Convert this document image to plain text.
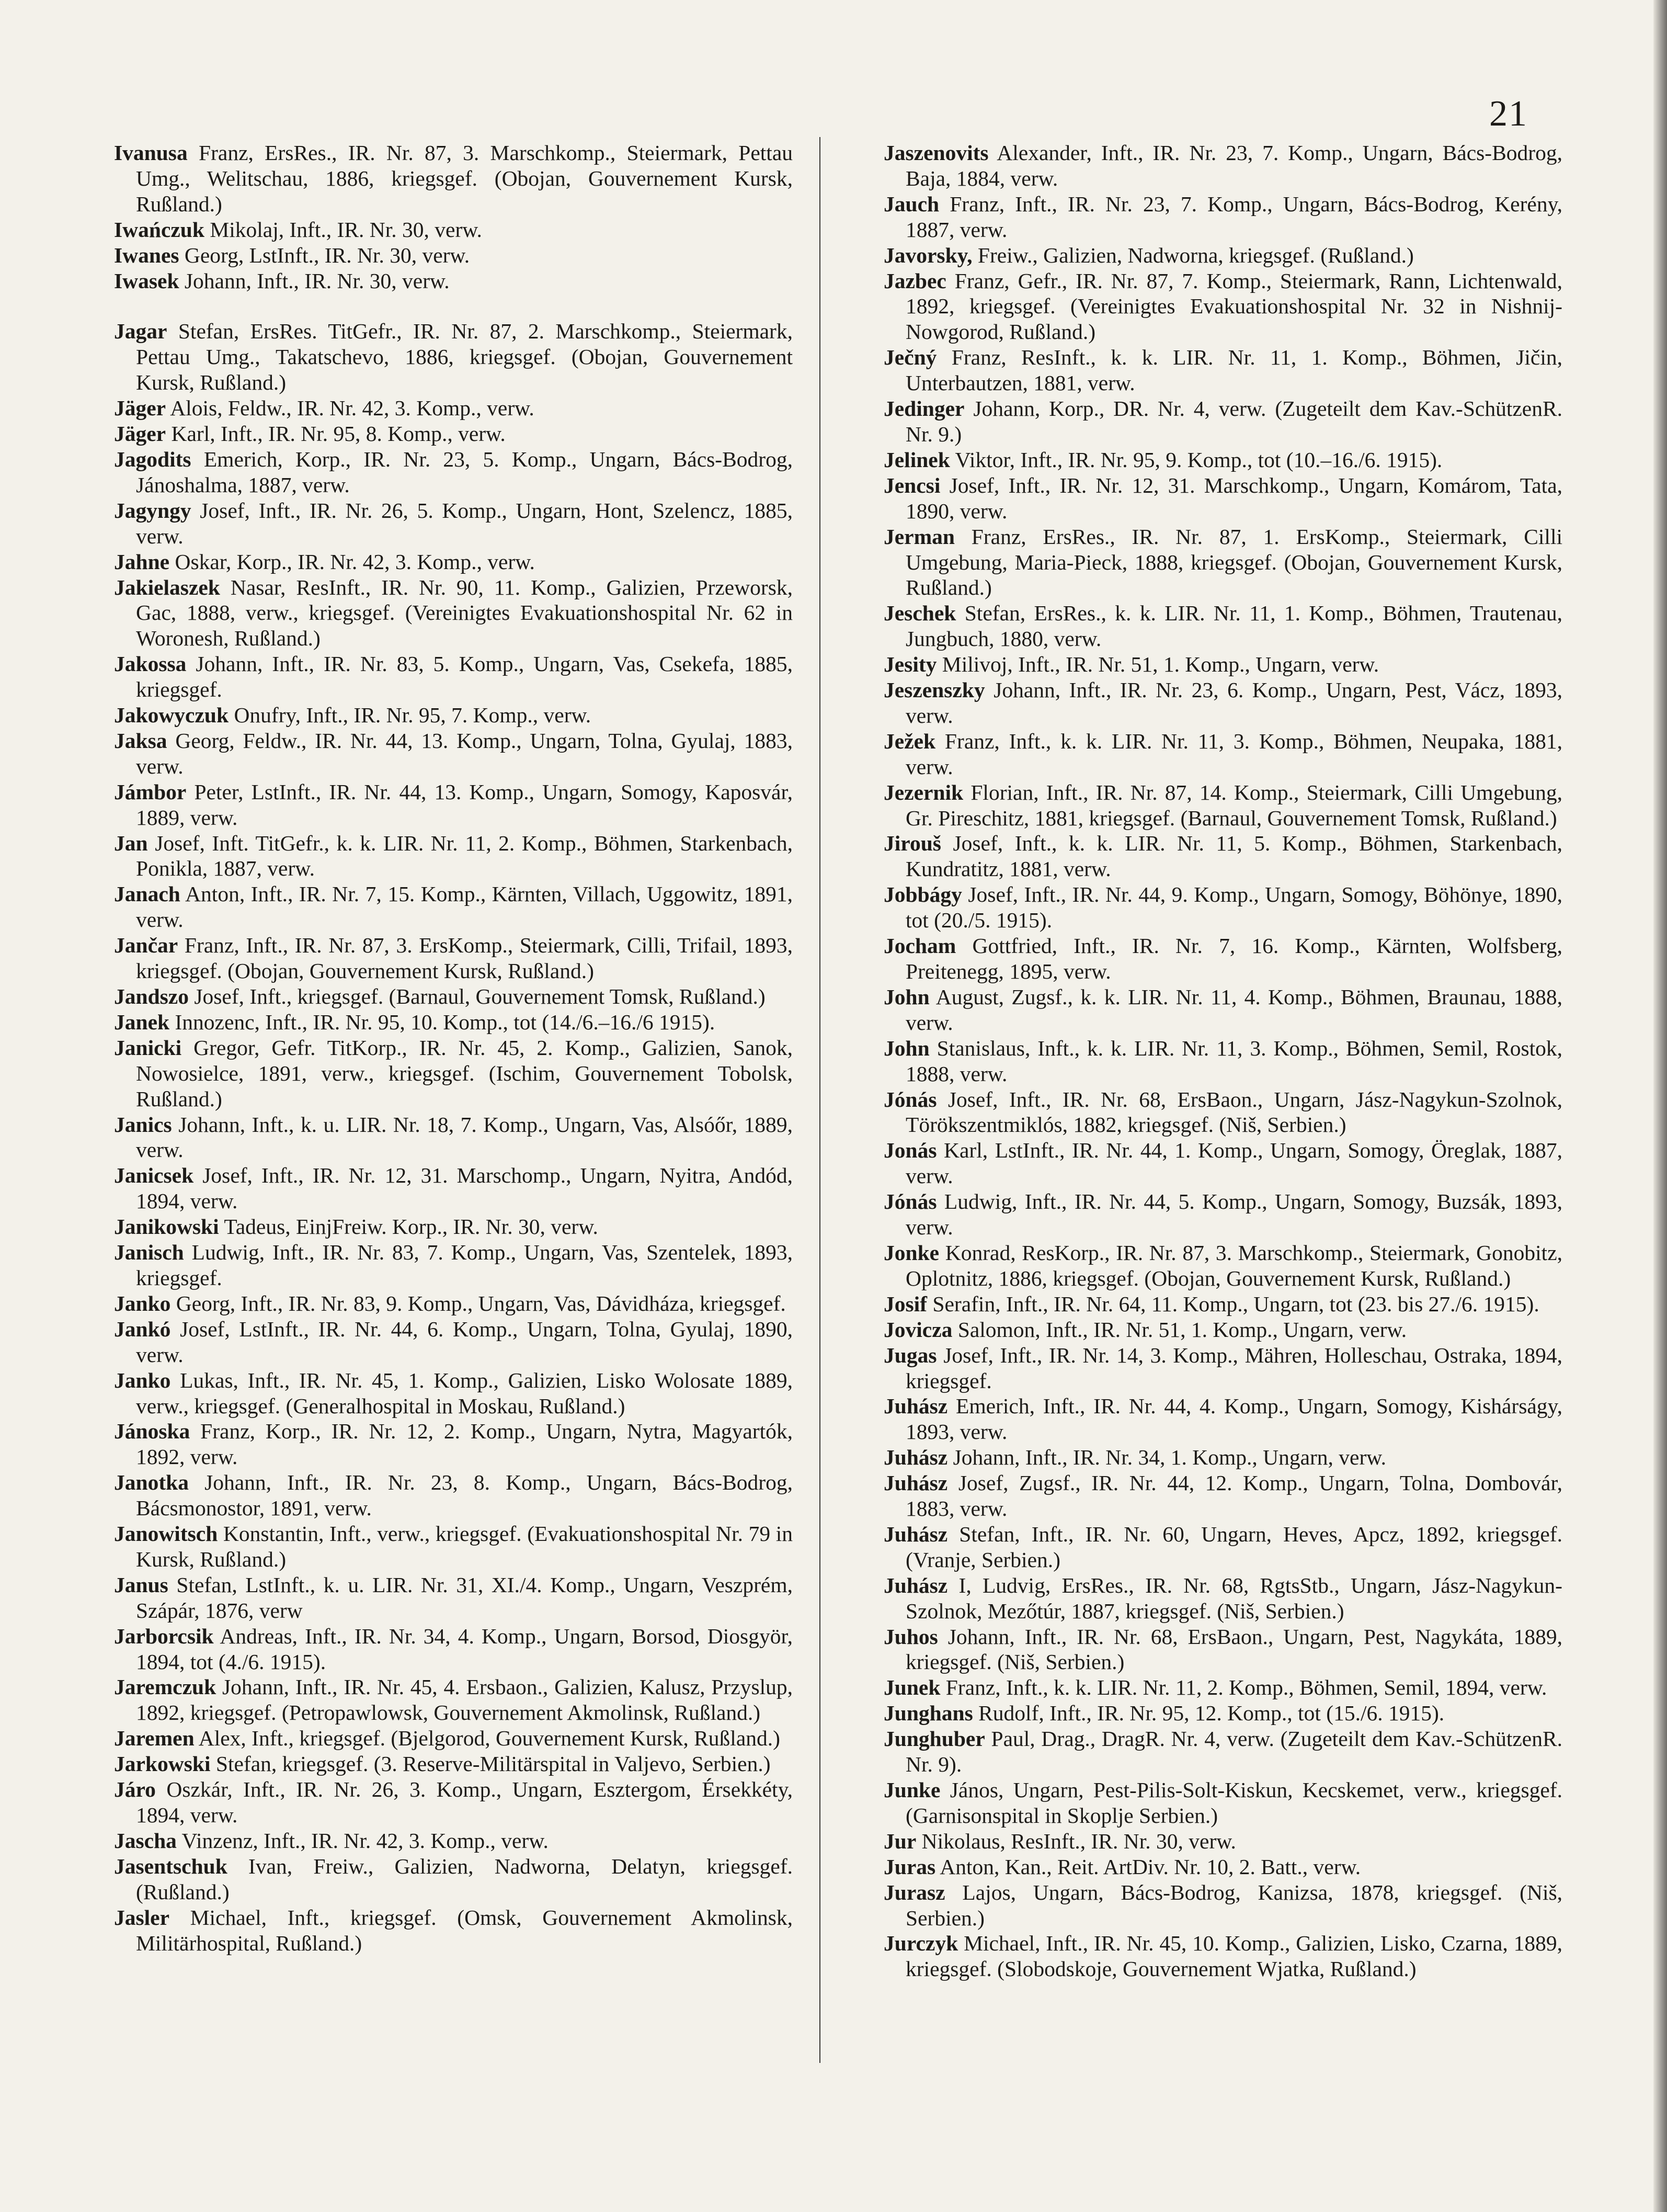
21

Ivanusa Franz, ErsRes., IR. Nr. 87, 3. Marschkomp., Steiermark, Pettau Umg., Welitschau, 1886, kriegsgef. (Obojan, Gouvernement Kursk, Rußland.)

Iwańczuk Mikolaj, Inft., IR. Nr. 30, verw.

Iwanes Georg, LstInft., IR. Nr. 30, verw.

Iwasek Johann, Inft., IR. Nr. 30, verw.

Jagar Stefan, ErsRes. TitGefr., IR. Nr. 87, 2. Marschkomp., Steiermark, Pettau Umg., Takatschevo, 1886, kriegsgef. (Obojan, Gouvernement Kursk, Rußland.)

Jäger Alois, Feldw., IR. Nr. 42, 3. Komp., verw.

Jäger Karl, Inft., IR. Nr. 95, 8. Komp., verw.

Jagodits Emerich, Korp., IR. Nr. 23, 5. Komp., Ungarn, Bács-Bodrog, Jánoshalma, 1887, verw.

Jagyngy Josef, Inft., IR. Nr. 26, 5. Komp., Ungarn, Hont, Szelencz, 1885, verw.

Jahne Oskar, Korp., IR. Nr. 42, 3. Komp., verw.

Jakielaszek Nasar, ResInft., IR. Nr. 90, 11. Komp., Galizien, Przeworsk, Gac, 1888, verw., kriegsgef. (Vereinigtes Evakuationshospital Nr. 62 in Woronesh, Rußland.)

Jakossa Johann, Inft., IR. Nr. 83, 5. Komp., Ungarn, Vas, Csekefa, 1885, kriegsgef.

Jakowyczuk Onufry, Inft., IR. Nr. 95, 7. Komp., verw.

Jaksa Georg, Feldw., IR. Nr. 44, 13. Komp., Ungarn, Tolna, Gyulaj, 1883, verw.

Jámbor Peter, LstInft., IR. Nr. 44, 13. Komp., Ungarn, Somogy, Kaposvár, 1889, verw.

Jan Josef, Inft. TitGefr., k. k. LIR. Nr. 11, 2. Komp., Böhmen, Starkenbach, Ponikla, 1887, verw.

Janach Anton, Inft., IR. Nr. 7, 15. Komp., Kärnten, Villach, Uggowitz, 1891, verw.

Jančar Franz, Inft., IR. Nr. 87, 3. ErsKomp., Steiermark, Cilli, Trifail, 1893, kriegsgef. (Obojan, Gouvernement Kursk, Rußland.)

Jandszo Josef, Inft., kriegsgef. (Barnaul, Gouvernement Tomsk, Rußland.)

Janek Innozenc, Inft., IR. Nr. 95, 10. Komp., tot (14./6.–16./6 1915).

Janicki Gregor, Gefr. TitKorp., IR. Nr. 45, 2. Komp., Galizien, Sanok, Nowosielce, 1891, verw., kriegsgef. (Ischim, Gouvernement Tobolsk, Rußland.)

Janics Johann, Inft., k. u. LIR. Nr. 18, 7. Komp., Ungarn, Vas, Alsóőr, 1889, verw.

Janicsek Josef, Inft., IR. Nr. 12, 31. Marschomp., Ungarn, Nyitra, Andód, 1894, verw.

Janikowski Tadeus, EinjFreiw. Korp., IR. Nr. 30, verw.

Janisch Ludwig, Inft., IR. Nr. 83, 7. Komp., Ungarn, Vas, Szentelek, 1893, kriegsgef.

Janko Georg, Inft., IR. Nr. 83, 9. Komp., Ungarn, Vas, Dávidháza, kriegsgef.

Jankó Josef, LstInft., IR. Nr. 44, 6. Komp., Ungarn, Tolna, Gyulaj, 1890, verw.

Janko Lukas, Inft., IR. Nr. 45, 1. Komp., Galizien, Lisko Wolosate 1889, verw., kriegsgef. (Generalhospital in Moskau, Rußland.)

Jánoska Franz, Korp., IR. Nr. 12, 2. Komp., Ungarn, Nytra, Magyartók, 1892, verw.

Janotka Johann, Inft., IR. Nr. 23, 8. Komp., Ungarn, Bács-Bodrog, Bácsmonostor, 1891, verw.

Janowitsch Konstantin, Inft., verw., kriegsgef. (Evakuationshospital Nr. 79 in Kursk, Rußland.)

Janus Stefan, LstInft., k. u. LIR. Nr. 31, XI./4. Komp., Ungarn, Veszprém, Szápár, 1876, verw

Jarborcsik Andreas, Inft., IR. Nr. 34, 4. Komp., Ungarn, Borsod, Diosgyör, 1894, tot (4./6. 1915).

Jaremczuk Johann, Inft., IR. Nr. 45, 4. Ersbaon., Galizien, Kalusz, Przyslup, 1892, kriegsgef. (Petropawlowsk, Gouvernement Akmolinsk, Rußland.)

Jaremen Alex, Inft., kriegsgef. (Bjelgorod, Gouvernement Kursk, Rußland.)

Jarkowski Stefan, kriegsgef. (3. Reserve-Militärspital in Valjevo, Serbien.)

Járo Oszkár, Inft., IR. Nr. 26, 3. Komp., Ungarn, Esztergom, Érsekkéty, 1894, verw.

Jascha Vinzenz, Inft., IR. Nr. 42, 3. Komp., verw.

Jasentschuk Ivan, Freiw., Galizien, Nadworna, Delatyn, kriegsgef. (Rußland.)

Jasler Michael, Inft., kriegsgef. (Omsk, Gouvernement Akmolinsk, Militärhospital, Rußland.)

Jaszenovits Alexander, Inft., IR. Nr. 23, 7. Komp., Ungarn, Bács-Bodrog, Baja, 1884, verw.

Jauch Franz, Inft., IR. Nr. 23, 7. Komp., Ungarn, Bács-Bodrog, Kerény, 1887, verw.

Javorsky, Freiw., Galizien, Nadworna, kriegsgef. (Rußland.)

Jazbec Franz, Gefr., IR. Nr. 87, 7. Komp., Steiermark, Rann, Lichtenwald, 1892, kriegsgef. (Vereinigtes Evakuationshospital Nr. 32 in Nishnij-Nowgorod, Rußland.)

Ječný Franz, ResInft., k. k. LIR. Nr. 11, 1. Komp., Böhmen, Jičin, Unterbautzen, 1881, verw.

Jedinger Johann, Korp., DR. Nr. 4, verw. (Zugeteilt dem Kav.-SchützenR. Nr. 9.)

Jelinek Viktor, Inft., IR. Nr. 95, 9. Komp., tot (10.–16./6. 1915).

Jencsi Josef, Inft., IR. Nr. 12, 31. Marschkomp., Ungarn, Komárom, Tata, 1890, verw.

Jerman Franz, ErsRes., IR. Nr. 87, 1. ErsKomp., Steiermark, Cilli Umgebung, Maria-Pieck, 1888, kriegsgef. (Obojan, Gouvernement Kursk, Rußland.)

Jeschek Stefan, ErsRes., k. k. LIR. Nr. 11, 1. Komp., Böhmen, Trautenau, Jungbuch, 1880, verw.

Jesity Milivoj, Inft., IR. Nr. 51, 1. Komp., Ungarn, verw.

Jeszenszky Johann, Inft., IR. Nr. 23, 6. Komp., Ungarn, Pest, Vácz, 1893, verw.

Ježek Franz, Inft., k. k. LIR. Nr. 11, 3. Komp., Böhmen, Neupaka, 1881, verw.

Jezernik Florian, Inft., IR. Nr. 87, 14. Komp., Steiermark, Cilli Umgebung, Gr. Pireschitz, 1881, kriegsgef. (Barnaul, Gouvernement Tomsk, Rußland.)

Jirouš Josef, Inft., k. k. LIR. Nr. 11, 5. Komp., Böhmen, Starkenbach, Kundratitz, 1881, verw.

Jobbágy Josef, Inft., IR. Nr. 44, 9. Komp., Ungarn, Somogy, Böhönye, 1890, tot (20./5. 1915).

Jocham Gottfried, Inft., IR. Nr. 7, 16. Komp., Kärnten, Wolfsberg, Preitenegg, 1895, verw.

John August, Zugsf., k. k. LIR. Nr. 11, 4. Komp., Böhmen, Braunau, 1888, verw.

John Stanislaus, Inft., k. k. LIR. Nr. 11, 3. Komp., Böhmen, Semil, Rostok, 1888, verw.

Jónás Josef, Inft., IR. Nr. 68, ErsBaon., Ungarn, Jász-Nagykun-Szolnok, Törökszentmiklós, 1882, kriegsgef. (Niš, Serbien.)

Jonás Karl, LstInft., IR. Nr. 44, 1. Komp., Ungarn, Somogy, Öreglak, 1887, verw.

Jónás Ludwig, Inft., IR. Nr. 44, 5. Komp., Ungarn, Somogy, Buzsák, 1893, verw.

Jonke Konrad, ResKorp., IR. Nr. 87, 3. Marschkomp., Steiermark, Gonobitz, Oplotnitz, 1886, kriegsgef. (Obojan, Gouvernement Kursk, Rußland.)

Josif Serafin, Inft., IR. Nr. 64, 11. Komp., Ungarn, tot (23. bis 27./6. 1915).

Jovicza Salomon, Inft., IR. Nr. 51, 1. Komp., Ungarn, verw.

Jugas Josef, Inft., IR. Nr. 14, 3. Komp., Mähren, Holleschau, Ostraka, 1894, kriegsgef.

Juhász Emerich, Inft., IR. Nr. 44, 4. Komp., Ungarn, Somogy, Kishárságy, 1893, verw.

Juhász Johann, Inft., IR. Nr. 34, 1. Komp., Ungarn, verw.

Juhász Josef, Zugsf., IR. Nr. 44, 12. Komp., Ungarn, Tolna, Dombovár, 1883, verw.

Juhász Stefan, Inft., IR. Nr. 60, Ungarn, Heves, Apcz, 1892, kriegsgef. (Vranje, Serbien.)

Juhász I, Ludvig, ErsRes., IR. Nr. 68, RgtsStb., Ungarn, Jász-Nagykun-Szolnok, Mezőtúr, 1887, kriegsgef. (Niš, Serbien.)

Juhos Johann, Inft., IR. Nr. 68, ErsBaon., Ungarn, Pest, Nagykáta, 1889, kriegsgef. (Niš, Serbien.)

Junek Franz, Inft., k. k. LIR. Nr. 11, 2. Komp., Böhmen, Semil, 1894, verw.

Junghans Rudolf, Inft., IR. Nr. 95, 12. Komp., tot (15./6. 1915).

Junghuber Paul, Drag., DragR. Nr. 4, verw. (Zugeteilt dem Kav.-SchützenR. Nr. 9).

Junke János, Ungarn, Pest-Pilis-Solt-Kiskun, Kecskemet, verw., kriegsgef. (Garnisonspital in Skoplje Serbien.)

Jur Nikolaus, ResInft., IR. Nr. 30, verw.

Juras Anton, Kan., Reit. ArtDiv. Nr. 10, 2. Batt., verw.

Jurasz Lajos, Ungarn, Bács-Bodrog, Kanizsa, 1878, kriegsgef. (Niš, Serbien.)

Jurczyk Michael, Inft., IR. Nr. 45, 10. Komp., Galizien, Lisko, Czarna, 1889, kriegsgef. (Slobodskoje, Gouvernement Wjatka, Rußland.)
